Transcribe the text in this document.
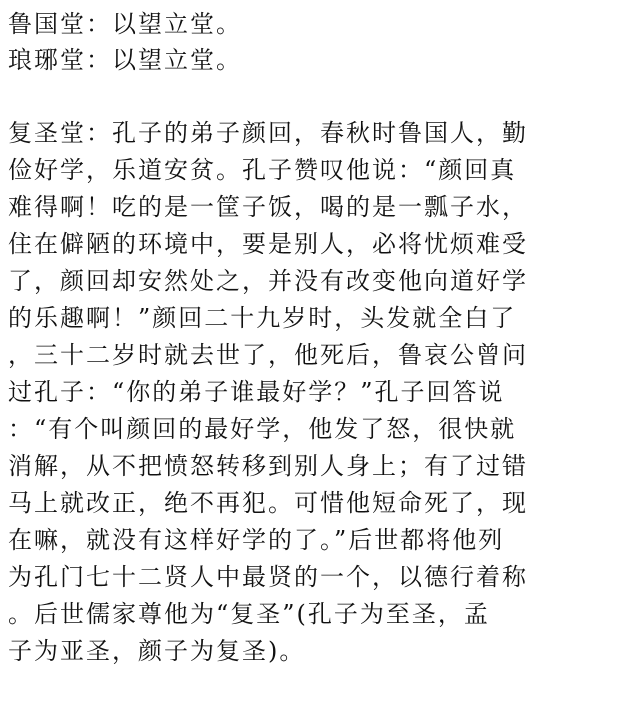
鲁国堂：以望立堂。
琅琊堂：以望立堂。
复圣堂：孔子的弟子颜回，春秋时鲁国人，勤
俭好学，乐道安贫。孔子赞叹他说：“颜回真
难得啊！吃的是一筐子饭，喝的是一瓢子水，
住在僻陋的环境中，要是别人，必将忧烦难受
了，颜回却安然处之，并没有改变他向道好学
的乐趣啊！”颜回二十九岁时，头发就全白了
，三十二岁时就去世了，他死后，鲁哀公曾问
过孔子：“你的弟子谁最好学？”孔子回答说
：“有个叫颜回的最好学，他发了怒，很快就
消解，从不把愤怒转移到别人身上；有了过错
马上就改正，绝不再犯。可惜他短命死了，现
在嘛，就没有这样好学的了。”后世都将他列
为孔门七十二贤人中最贤的一个，以德行着称
。后世儒家尊他为“复圣”(孔子为至圣，孟
子为亚圣，颜子为复圣)。
